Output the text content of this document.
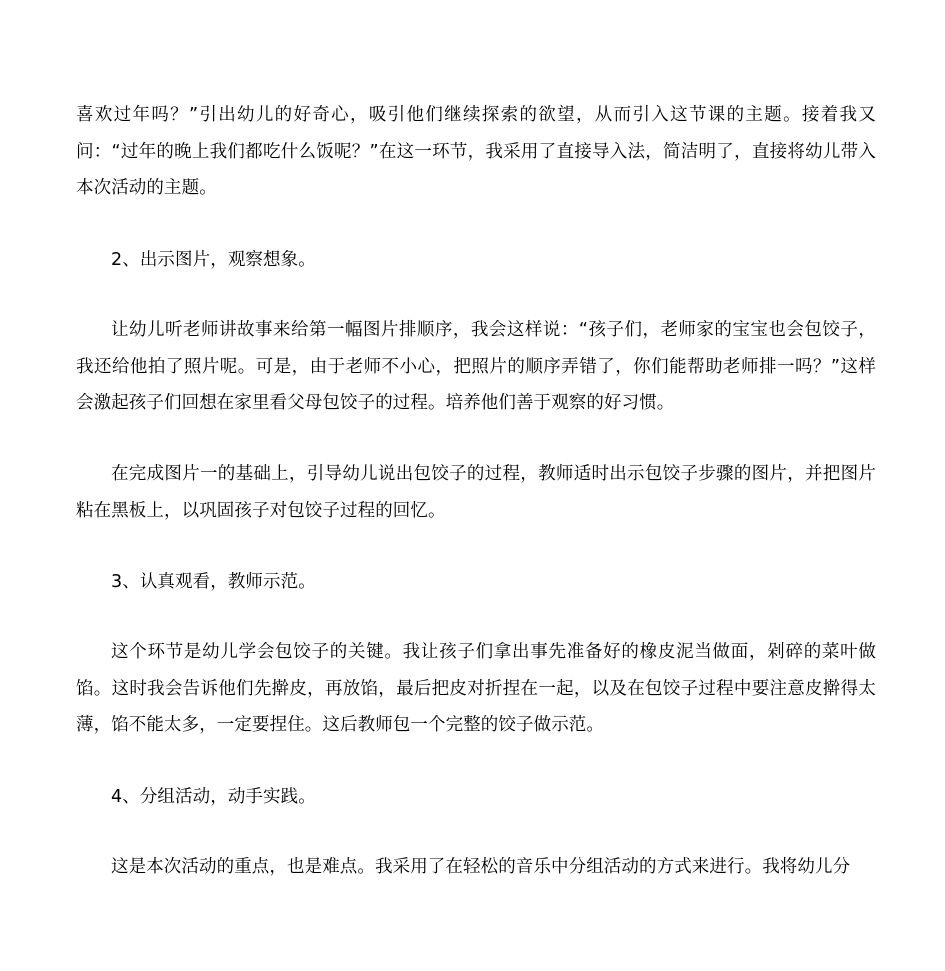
喜欢过年吗？”引出幼儿的好奇心，吸引他们继续探索的欲望，从而引入这节课的主题。接着我又问：“过年的晚上我们都吃什么饭呢？”在这一环节，我采用了直接导入法，简洁明了，直接将幼儿带入本次活动的主题。

2、出示图片，观察想象。

让幼儿听老师讲故事来给第一幅图片排顺序，我会这样说：“孩子们，老师家的宝宝也会包饺子，我还给他拍了照片呢。可是，由于老师不小心，把照片的顺序弄错了，你们能帮助老师排一吗？”这样会激起孩子们回想在家里看父母包饺子的过程。培养他们善于观察的好习惯。

在完成图片一的基础上，引导幼儿说出包饺子的过程，教师适时出示包饺子步骤的图片，并把图片粘在黑板上，以巩固孩子对包饺子过程的回忆。

3、认真观看，教师示范。

这个环节是幼儿学会包饺子的关键。我让孩子们拿出事先准备好的橡皮泥当做面，剁碎的菜叶做馅。这时我会告诉他们先擀皮，再放馅，最后把皮对折捏在一起，以及在包饺子过程中要注意皮擀得太薄，馅不能太多，一定要捏住。这后教师包一个完整的饺子做示范。

4、分组活动，动手实践。

这是本次活动的重点，也是难点。我采用了在轻松的音乐中分组活动的方式来进行。我将幼儿分
